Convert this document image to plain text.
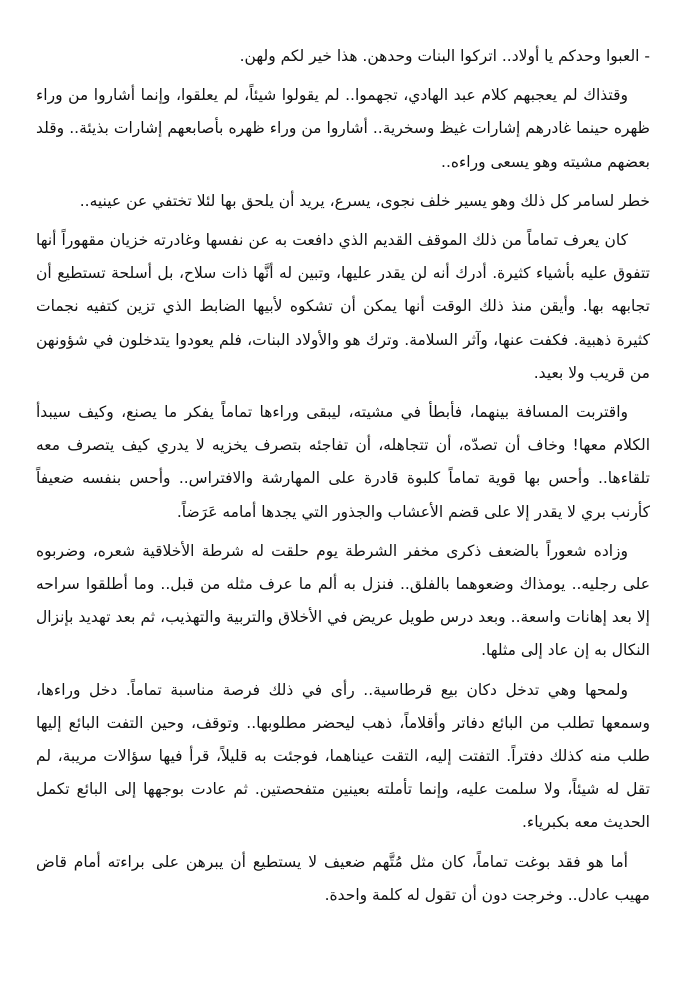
- العبوا وحدكم يا أولاد.. اتركوا البنات وحدهن. هذا خير لكم ولهن.

وقتذاك لم يعجبهم كلام عبد الهادي، تجهموا.. لم يقولوا شيئاً، لم يعلقوا، وإنما أشاروا من وراء ظهره حينما غادرهم إشارات غيظ وسخرية.. أشاروا من وراء ظهره بأصابعهم إشارات بذيئة.. وقلد بعضهم مشيته وهو يسعى وراءه..

خطر لسامر كل ذلك وهو يسير خلف نجوى، يسرع، يريد أن يلحق بها لئلا تختفي عن عينيه..

كان يعرف تماماً من ذلك الموقف القديم الذي دافعت به عن نفسها وغادرته خزيان مقهوراً أنها تتفوق عليه بأشياء كثيرة. أدرك أنه لن يقدر عليها، وتبين له أنَّها ذات سلاح، بل أسلحة تستطيع أن تجابهه بها. وأيقن منذ ذلك الوقت أنها يمكن أن تشكوه لأبيها الضابط الذي تزين كتفيه نجمات كثيرة ذهبية. فكفت عنها، وآثر السلامة. وترك هو والأولاد البنات، فلم يعودوا يتدخلون في شؤونهن من قريب ولا بعيد.

واقتربت المسافة بينهما، فأبطأ في مشيته، ليبقى وراءها تماماً يفكر ما يصنع، وكيف سيبدأ الكلام معها! وخاف أن تصدّه، أن تتجاهله، أن تفاجئه بتصرف يخزيه لا يدري كيف يتصرف معه تلقاءها.. وأحس بها قوية تماماً كلبوة قادرة على المهارشة والافتراس.. وأحس بنفسه ضعيفاً كأرنب بري لا يقدر إلا على قضم الأعشاب والجذور التي يجدها أمامه عَرَضاً.

وزاده شعوراً بالضعف ذكرى مخفر الشرطة يوم حلقت له شرطة الأخلاقية شعره، وضربوه على رجليه.. يومذاك وضعوهما بالفلق.. فنزل به ألم ما عرف مثله من قبل.. وما أطلقوا سراحه إلا بعد إهانات واسعة.. وبعد درس طويل عريض في الأخلاق والتربية والتهذيب، ثم بعد تهديد بإنزال النكال به إن عاد إلى مثلها.

ولمحها وهي تدخل دكان بيع قرطاسية.. رأى في ذلك فرصة مناسبة تماماً. دخل وراءها، وسمعها تطلب من البائع دفاتر وأقلاماً، ذهب ليحضر مطلوبها.. وتوقف، وحين التفت البائع إليها طلب منه كذلك دفتراً. التفتت إليه، التقت عيناهما، فوجئت به قليلاً، قرأ فيها سؤالات مريبة، لم تقل له شيئاً، ولا سلمت عليه، وإنما تأملته بعينين متفحصتين. ثم عادت بوجهها إلى البائع تكمل الحديث معه بكبرياء.

أما هو فقد بوغت تماماً، كان مثل مُتَّهم ضعيف لا يستطيع أن يبرهن على براءته أمام قاض مهيب عادل.. وخرجت دون أن تقول له كلمة واحدة.
